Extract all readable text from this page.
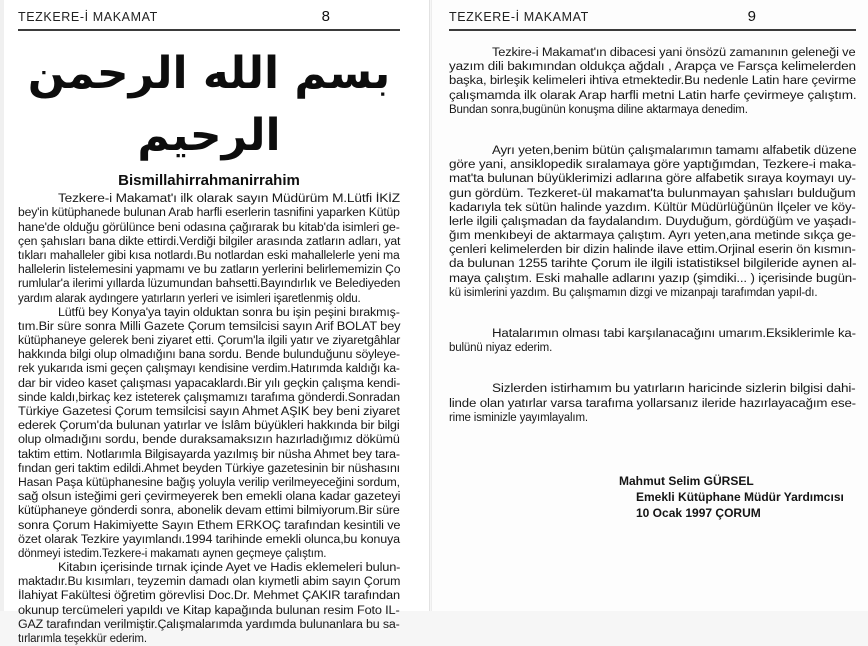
TEZKERE-İ MAKAMAT	8
بسم الله الرحمن الرحيم
Bismillahirrahmanirrahim
Tezkere-i Makamat'ı ilk olarak sayın Müdürüm M.Lütfi İKİZ
bey'in kütüphanede bulunan Arab harfli eserlerin tasnifini yaparken Kütüp
hane'de olduğu görülünce beni odasına çağırarak bu kitab'da isimleri ge-
çen şahısları bana dikte ettirdi.Verdiği bilgiler arasında zatların adları, yat
tıkları mahalleler gibi kısa notlardı.Bu notlardan eski mahallelerle yeni ma
hallelerin listelemesini yapmamı ve bu zatların yerlerini belirlememizin Ço
rumlular'a ilerimi yıllarda lüzumundan bahsetti.Bayındırlık ve Belediyeden
yardım alarak aydıngere yatırların yerleri ve isimleri işaretlenmiş oldu.
Lütfü bey Konya'ya tayin olduktan sonra bu işin peşini bırakmış-
tım.Bir süre sonra Milli Gazete Çorum temsilcisi sayın Arif BOLAT bey
kütüphaneye gelerek beni ziyaret etti. Çorum'la ilgili yatır ve ziyaretgâhlar
hakkında bilgi olup olmadığını bana sordu. Bende bulunduğunu söyleye-
rek yukarıda ismi geçen çalışmayı kendisine verdim.Hatırımda kaldığı ka-
dar bir video kaset çalışması yapacaklardı.Bir yılı geçkin çalışma kendi-
sinde kaldı,birkaç kez isteterek çalışmamızı tarafıma gönderdi.Sonradan
Türkiye Gazetesi Çorum temsilcisi sayın Ahmet AŞIK bey beni ziyaret
ederek Çorum'da bulunan yatırlar ve İslâm büyükleri hakkında bir bilgi
olup olmadığını sordu, bende duraksamaksızın hazırladığımız dökümü
taktim ettim. Notlarımla Bilgisayarda yazılmış bir nüsha Ahmet bey tara-
fından geri taktim edildi.Ahmet beyden Türkiye gazetesinin bir nüshasını
Hasan Paşa kütüphanesine bağış yoluyla verilip verilmeyeceğini sordum,
sağ olsun isteğimi geri çevirmeyerek ben emekli olana kadar gazeteyi
kütüphaneye gönderdi sonra, abonelik devam ettimi bilmiyorum.Bir süre
sonra Çorum Hakimiyette Sayın Ethem ERKOÇ tarafından kesintili ve
özet olarak Tezkire yayımlandı.1994 tarihinde emekli olunca,bu konuya
dönmeyi istedim.Tezkere-i makamatı aynen geçmeye çalıştım.
Kitabın içerisinde tırnak içinde Ayet ve Hadis eklemeleri bulun-
maktadır.Bu kısımları, teyzemin damadı olan kıymetli abim sayın Çorum
İlahiyat Fakültesi öğretim görevlisi Doc.Dr. Mehmet ÇAKIR tarafından
okunup tercümeleri yapıldı ve Kitap kapağında bulunan resim Foto IL-
GAZ tarafından verilmiştir.Çalışmalarımda yardımda bulunanlara bu sa-
tırlarımla teşekkür ederim.
TEZKERE-İ MAKAMAT	9
Tezkire-i Makamat'ın dibacesi yani önsözü zamanının geleneği ve
yazım dili bakımından oldukça ağdalı , Arapça ve Farsça kelimelerden
başka, birleşik kelimeleri ihtiva etmektedir.Bu nedenle Latin hare çevirme
çalışmamda ilk olarak Arap harfli metni Latin harfe çevirmeye çalıştım.
Bundan sonra,bugünün konuşma diline aktarmaya denedim.
Ayrı yeten,benim bütün çalışmalarımın tamamı alfabetik düzene
göre yani, ansiklopedik sıralamaya göre yaptığımdan, Tezkere-i maka-
mat'ta bulunan büyüklerimizi adlarına göre alfabetik sıraya koymayı uy-
gun gördüm. Tezkeret-ül makamat'ta bulunmayan şahısları bulduğum
kadarıyla tek sütün halinde yazdım. Kültür Müdürlüğünün İlçeler ve köy-
lerle ilgili çalışmadan da faydalandım. Duyduğum, gördüğüm ve yaşadı-
ğım menkıbeyi de aktarmaya çalıştım. Ayrı yeten,ana metinde sıkça ge-
çenleri kelimelerden bir dizin halinde ilave ettim.Orjinal eserin ön kısmın-
da bulunan 1255 tarihte Çorum ile ilgili istatistiksel bilgileride aynen al-
maya çalıştım. Eski mahalle adlarını yazıp (şimdiki... ) içerisinde bugün-
kü isimlerini yazdım. Bu çalışmamın dizgi ve mizanpajı tarafımdan yapıl-dı.
Hatalarımın olması tabi karşılanacağını umarım.Eksiklerimle ka-
bulünü niyaz ederim.
Sizlerden istirhamım bu yatırların haricinde sizlerin bilgisi dahi-
linde olan yatırlar varsa tarafıma yollarsanız ileride hazırlayacağım ese-
rime isminizle yayımlayalım.
Mahmut Selim GÜRSEL
Emekli Kütüphane Müdür Yardımcısı
10 Ocak 1997 ÇORUM
